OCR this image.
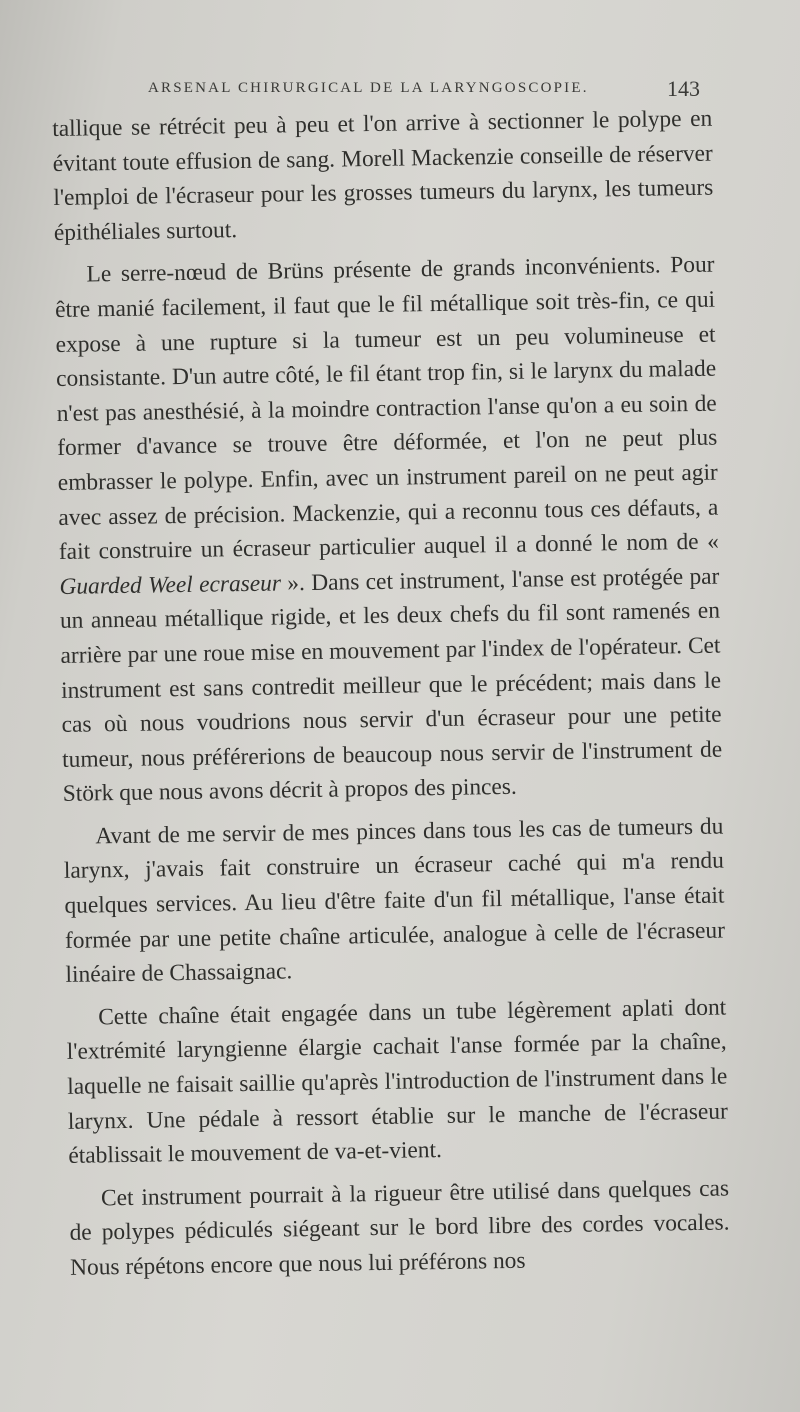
ARSENAL CHIRURGICAL DE LA LARYNGOSCOPIE.	143

tallique se rétrécit peu à peu et l'on arrive à sectionner le polype en évitant toute effusion de sang. Morell Mackenzie conseille de réserver l'emploi de l'écraseur pour les grosses tumeurs du larynx, les tumeurs épithéliales surtout.

Le serre-nœud de Brüns présente de grands inconvénients. Pour être manié facilement, il faut que le fil métallique soit très-fin, ce qui expose à une rupture si la tumeur est un peu volumineuse et consistante. D'un autre côté, le fil étant trop fin, si le larynx du malade n'est pas anesthésié, à la moindre contraction l'anse qu'on a eu soin de former d'avance se trouve être déformée, et l'on ne peut plus embrasser le polype. Enfin, avec un instrument pareil on ne peut agir avec assez de précision. Mackenzie, qui a reconnu tous ces défauts, a fait construire un écraseur particulier auquel il a donné le nom de « Guarded Weel ecraseur ». Dans cet instrument, l'anse est protégée par un anneau métallique rigide, et les deux chefs du fil sont ramenés en arrière par une roue mise en mouvement par l'index de l'opérateur. Cet instrument est sans contredit meilleur que le précédent; mais dans le cas où nous voudrions nous servir d'un écraseur pour une petite tumeur, nous préférerions de beaucoup nous servir de l'instrument de Störk que nous avons décrit à propos des pinces.

Avant de me servir de mes pinces dans tous les cas de tumeurs du larynx, j'avais fait construire un écraseur caché qui m'a rendu quelques services. Au lieu d'être faite d'un fil métallique, l'anse était formée par une petite chaîne articulée, analogue à celle de l'écraseur linéaire de Chassaignac.

Cette chaîne était engagée dans un tube légèrement aplati dont l'extrémité laryngienne élargie cachait l'anse formée par la chaîne, laquelle ne faisait saillie qu'après l'introduction de l'instrument dans le larynx. Une pédale à ressort établie sur le manche de l'écraseur établissait le mouvement de va-et-vient.

Cet instrument pourrait à la rigueur être utilisé dans quelques cas de polypes pédiculés siégeant sur le bord libre des cordes vocales. Nous répétons encore que nous lui préférons nos
